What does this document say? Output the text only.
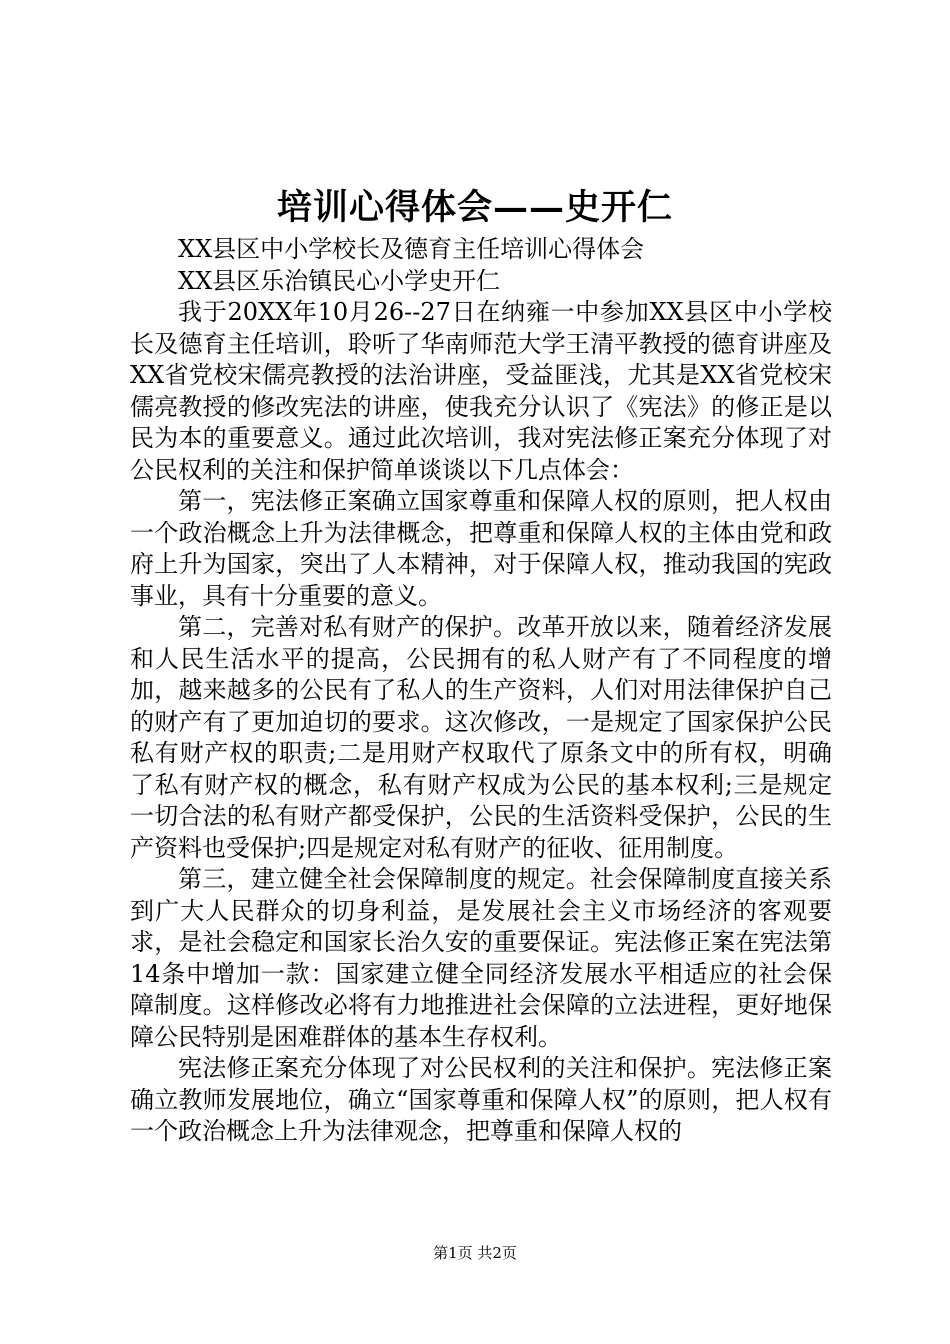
培训心得体会——史开仁

XX县区中小学校长及德育主任培训心得体会

XX县区乐治镇民心小学史开仁

我于20XX年10月26--27日在纳雍一中参加XX县区中小学校长及德育主任培训，聆听了华南师范大学王清平教授的德育讲座及XX省党校宋儒亮教授的法治讲座，受益匪浅，尤其是XX省党校宋儒亮教授的修改宪法的讲座，使我充分认识了《宪法》的修正是以民为本的重要意义。通过此次培训，我对宪法修正案充分体现了对公民权利的关注和保护简单谈谈以下几点体会：

第一，宪法修正案确立国家尊重和保障人权的原则，把人权由一个政治概念上升为法律概念，把尊重和保障人权的主体由党和政府上升为国家，突出了人本精神，对于保障人权，推动我国的宪政事业，具有十分重要的意义。

第二，完善对私有财产的保护。改革开放以来，随着经济发展和人民生活水平的提高，公民拥有的私人财产有了不同程度的增加，越来越多的公民有了私人的生产资料，人们对用法律保护自己的财产有了更加迫切的要求。这次修改，一是规定了国家保护公民私有财产权的职责;二是用财产权取代了原条文中的所有权，明确了私有财产权的概念，私有财产权成为公民的基本权利;三是规定一切合法的私有财产都受保护，公民的生活资料受保护，公民的生产资料也受保护;四是规定对私有财产的征收、征用制度。

第三，建立健全社会保障制度的规定。社会保障制度直接关系到广大人民群众的切身利益，是发展社会主义市场经济的客观要求，是社会稳定和国家长治久安的重要保证。宪法修正案在宪法第14条中增加一款：国家建立健全同经济发展水平相适应的社会保障制度。这样修改必将有力地推进社会保障的立法进程，更好地保障公民特别是困难群体的基本生存权利。

宪法修正案充分体现了对公民权利的关注和保护。宪法修正案确立教师发展地位，确立“国家尊重和保障人权”的原则，把人权有一个政治概念上升为法律观念，把尊重和保障人权的

第1页 共2页
